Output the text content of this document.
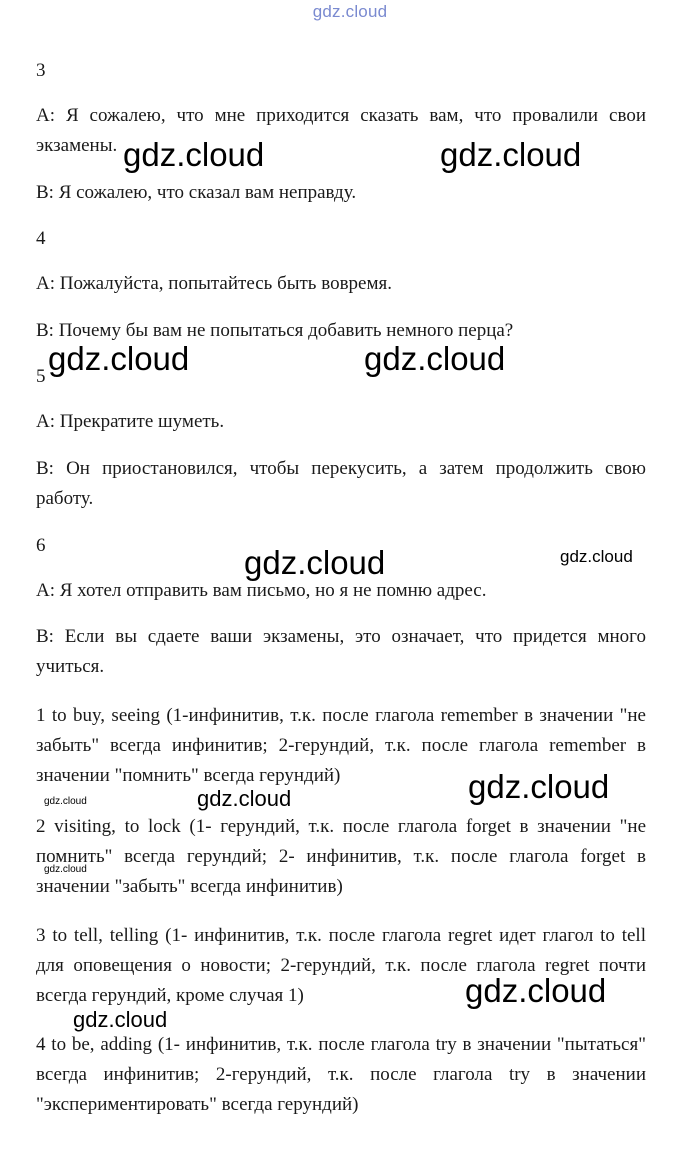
gdz.cloud
3

A: Я сожалею, что мне приходится сказать вам, что провалили свои экзамены.

B: Я сожалею, что сказал вам неправду.

4

A: Пожалуйста, попытайтесь быть вовремя.

B: Почему бы вам не попытаться добавить немного перца?

5

A: Прекратите шуметь.

B: Он приостановился, чтобы перекусить, а затем продолжить свою работу.

6

A: Я хотел отправить вам письмо, но я не помню адрес.

B: Если вы сдаете ваши экзамены, это означает, что придется много учиться.

1 to buy, seeing (1-инфинитив, т.к. после глагола remember в значении "не забыть" всегда инфинитив; 2-герундий, т.к. после глагола remember в значении "помнить" всегда герундий)

2 visiting, to lock (1- герундий, т.к. после глагола forget в значении "не помнить" всегда герундий; 2- инфинитив, т.к. после глагола forget в значении "забыть" всегда инфинитив)

3 to tell, telling (1- инфинитив, т.к. после глагола regret идет глагол to tell для оповещения о новости; 2-герундий, т.к. после глагола regret почти всегда герундий, кроме случая 1)

4 to be, adding (1- инфинитив, т.к. после глагола try в значении "пытаться" всегда инфинитив; 2-герундий, т.к. после глагола try в значении "экспериментировать" всегда герундий)

gdz.cloud	gdz.cloud
gdz.cloud	gdz.cloud
gdz.cloud	gdz.cloud
gdz.cloud
gdz.cloud
gdz.cloud
gdz.cloud
gdz.cloud
gdz.cloud
